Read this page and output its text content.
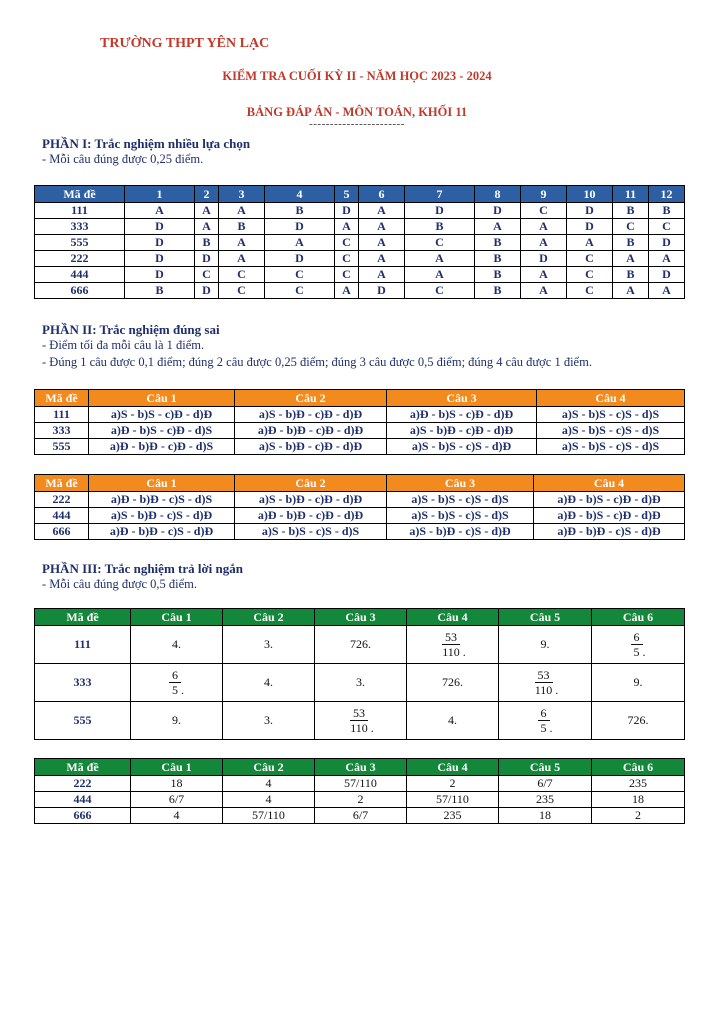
TRƯỜNG THPT YÊN LẠC
KIỂM TRA CUỐI KỲ II - NĂM HỌC 2023 - 2024
BẢNG ĐÁP ÁN - MÔN TOÁN, KHỐI 11
-----------------------
PHẦN I: Trắc nghiệm nhiều lựa chọn
- Mỗi câu đúng được 0,25 điểm.
Mã đề	1	2	3	4	5	6	7	8	9	10	11	12
111	A	A	A	B	D	A	D	D	C	D	B	B
333	D	A	B	D	A	A	B	A	A	D	C	C
555	D	B	A	A	C	A	C	B	A	A	B	D
222	D	D	A	D	C	A	A	B	D	C	A	A
444	D	C	C	C	C	A	A	B	A	C	B	D
666	B	D	C	C	A	D	C	B	A	C	A	A
PHẦN II: Trắc nghiệm đúng sai
- Điểm tối đa mỗi câu là 1 điểm.
- Đúng 1 câu được 0,1 điểm; đúng 2 câu được 0,25 điểm; đúng 3 câu được 0,5 điểm; đúng 4 câu được 1 điểm.
Mã đề	Câu 1	Câu 2	Câu 3	Câu 4
111	a)S - b)S - c)Đ - d)Đ	a)S - b)Đ - c)Đ - d)Đ	a)Đ - b)S - c)Đ - d)Đ	a)S - b)S - c)S - d)S
333	a)Đ - b)S - c)Đ - d)S	a)Đ - b)Đ - c)Đ - d)Đ	a)S - b)Đ - c)Đ - d)Đ	a)S - b)S - c)S - d)S
555	a)Đ - b)Đ - c)Đ - d)S	a)S - b)Đ - c)Đ - d)Đ	a)S - b)S - c)S - d)Đ	a)S - b)S - c)S - d)S
Mã đề	Câu 1	Câu 2	Câu 3	Câu 4
222	a)Đ - b)Đ - c)S - d)S	a)S - b)Đ - c)Đ - d)Đ	a)S - b)S - c)S - d)S	a)Đ - b)S - c)Đ - d)Đ
444	a)S - b)Đ - c)S - d)Đ	a)Đ - b)Đ - c)Đ - d)Đ	a)S - b)S - c)S - d)S	a)Đ - b)S - c)Đ - d)Đ
666	a)Đ - b)Đ - c)S - d)Đ	a)S - b)S - c)S - d)S	a)S - b)Đ - c)S - d)Đ	a)Đ - b)Đ - c)S - d)Đ
PHẦN III: Trắc nghiệm trả lời ngắn
- Mỗi câu đúng được 0,5 điểm.
Mã đề	Câu 1	Câu 2	Câu 3	Câu 4	Câu 5	Câu 6
111	4.	3.	726.	$\frac{53}{110}$ .	9.	$\frac{6}{5}$ .

333	$\frac{6}{5}$ .	4.	3.	726.	$\frac{53}{110}$ .	9.
555	9.	3.	$\frac{53}{110}$ .	4.	$\frac{6}{5}$ .	726.
Mã đề	Câu 1	Câu 2	Câu 3	Câu 4	Câu 5	Câu 6
222	18	4	57/110	2	6/7	235
444	6/7	4	2	57/110	235	18
666	4	57/110	6/7	235	18	2
